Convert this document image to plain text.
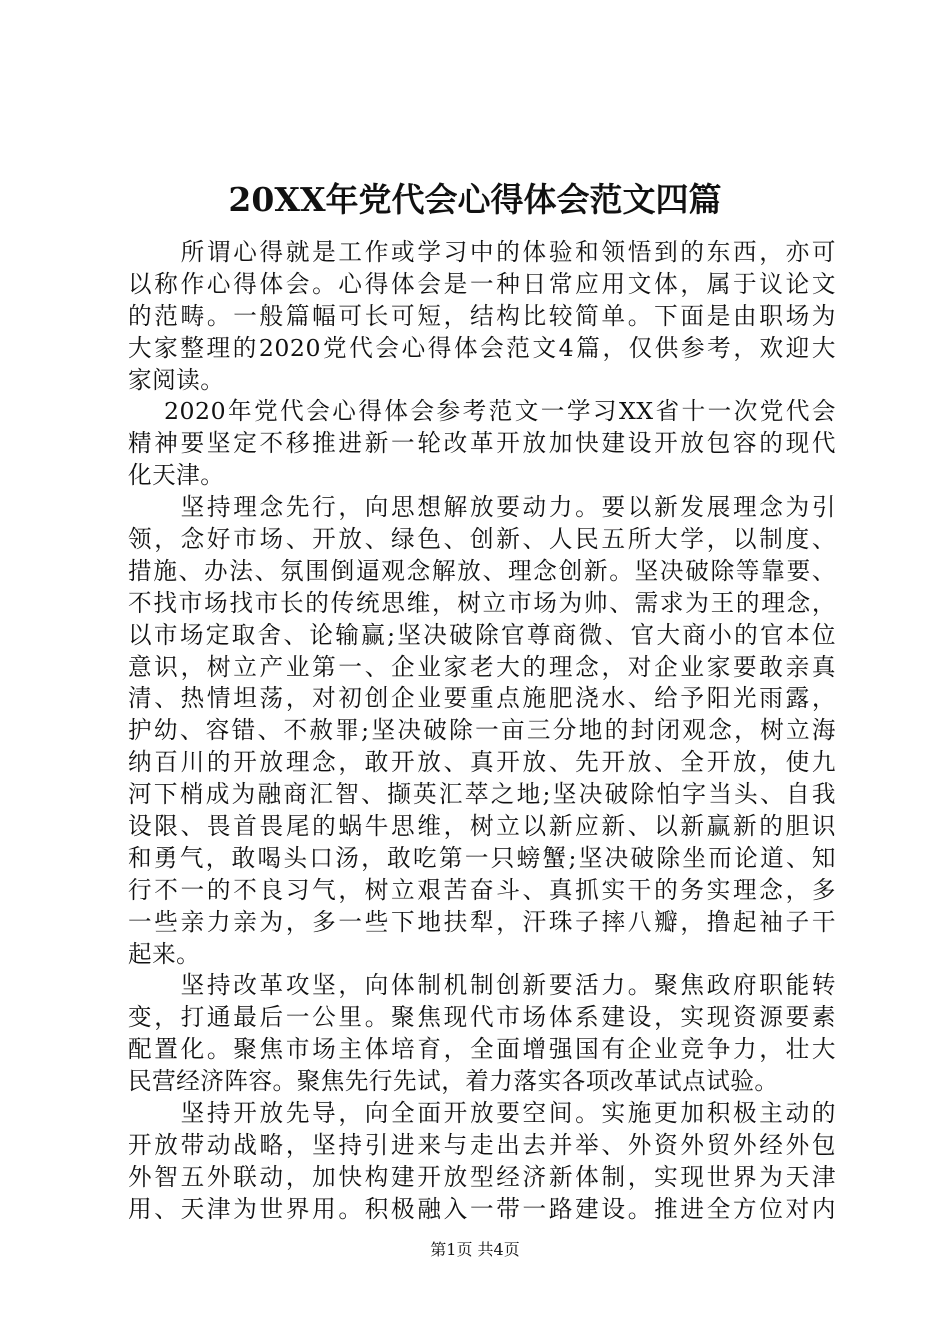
20XX年党代会心得体会范文四篇
　　所谓心得就是工作或学习中的体验和领悟到的东西，亦可
以称作心得体会。心得体会是一种日常应用文体，属于议论文
的范畴。一般篇幅可长可短，结构比较简单。下面是由职场为
大家整理的2020党代会心得体会范文4篇，仅供参考，欢迎大
家阅读。
　 2020年党代会心得体会参考范文一学习XX省十一次党代会
精神要坚定不移推进新一轮改革开放加快建设开放包容的现代
化天津。
　　坚持理念先行，向思想解放要动力。要以新发展理念为引
领，念好市场、开放、绿色、创新、人民五所大学，以制度、
措施、办法、氛围倒逼观念解放、理念创新。坚决破除等靠要、
不找市场找市长的传统思维，树立市场为帅、需求为王的理念，
以市场定取舍、论输赢;坚决破除官尊商微、官大商小的官本位
意识，树立产业第一、企业家老大的理念，对企业家要敢亲真
清、热情坦荡，对初创企业要重点施肥浇水、给予阳光雨露，
护幼、容错、不赦罪;坚决破除一亩三分地的封闭观念，树立海
纳百川的开放理念，敢开放、真开放、先开放、全开放，使九
河下梢成为融商汇智、撷英汇萃之地;坚决破除怕字当头、自我
设限、畏首畏尾的蜗牛思维，树立以新应新、以新赢新的胆识
和勇气，敢喝头口汤，敢吃第一只螃蟹;坚决破除坐而论道、知
行不一的不良习气，树立艰苦奋斗、真抓实干的务实理念，多
一些亲力亲为，多一些下地扶犁，汗珠子摔八瓣，撸起袖子干
起来。
　　坚持改革攻坚，向体制机制创新要活力。聚焦政府职能转
变，打通最后一公里。聚焦现代市场体系建设，实现资源要素
配置化。聚焦市场主体培育，全面增强国有企业竞争力，壮大
民营经济阵容。聚焦先行先试，着力落实各项改革试点试验。
　　坚持开放先导，向全面开放要空间。实施更加积极主动的
开放带动战略，坚持引进来与走出去并举、外资外贸外经外包
外智五外联动，加快构建开放型经济新体制，实现世界为天津
用、天津为世界用。积极融入一带一路建设。推进全方位对内
第1页 共4页
